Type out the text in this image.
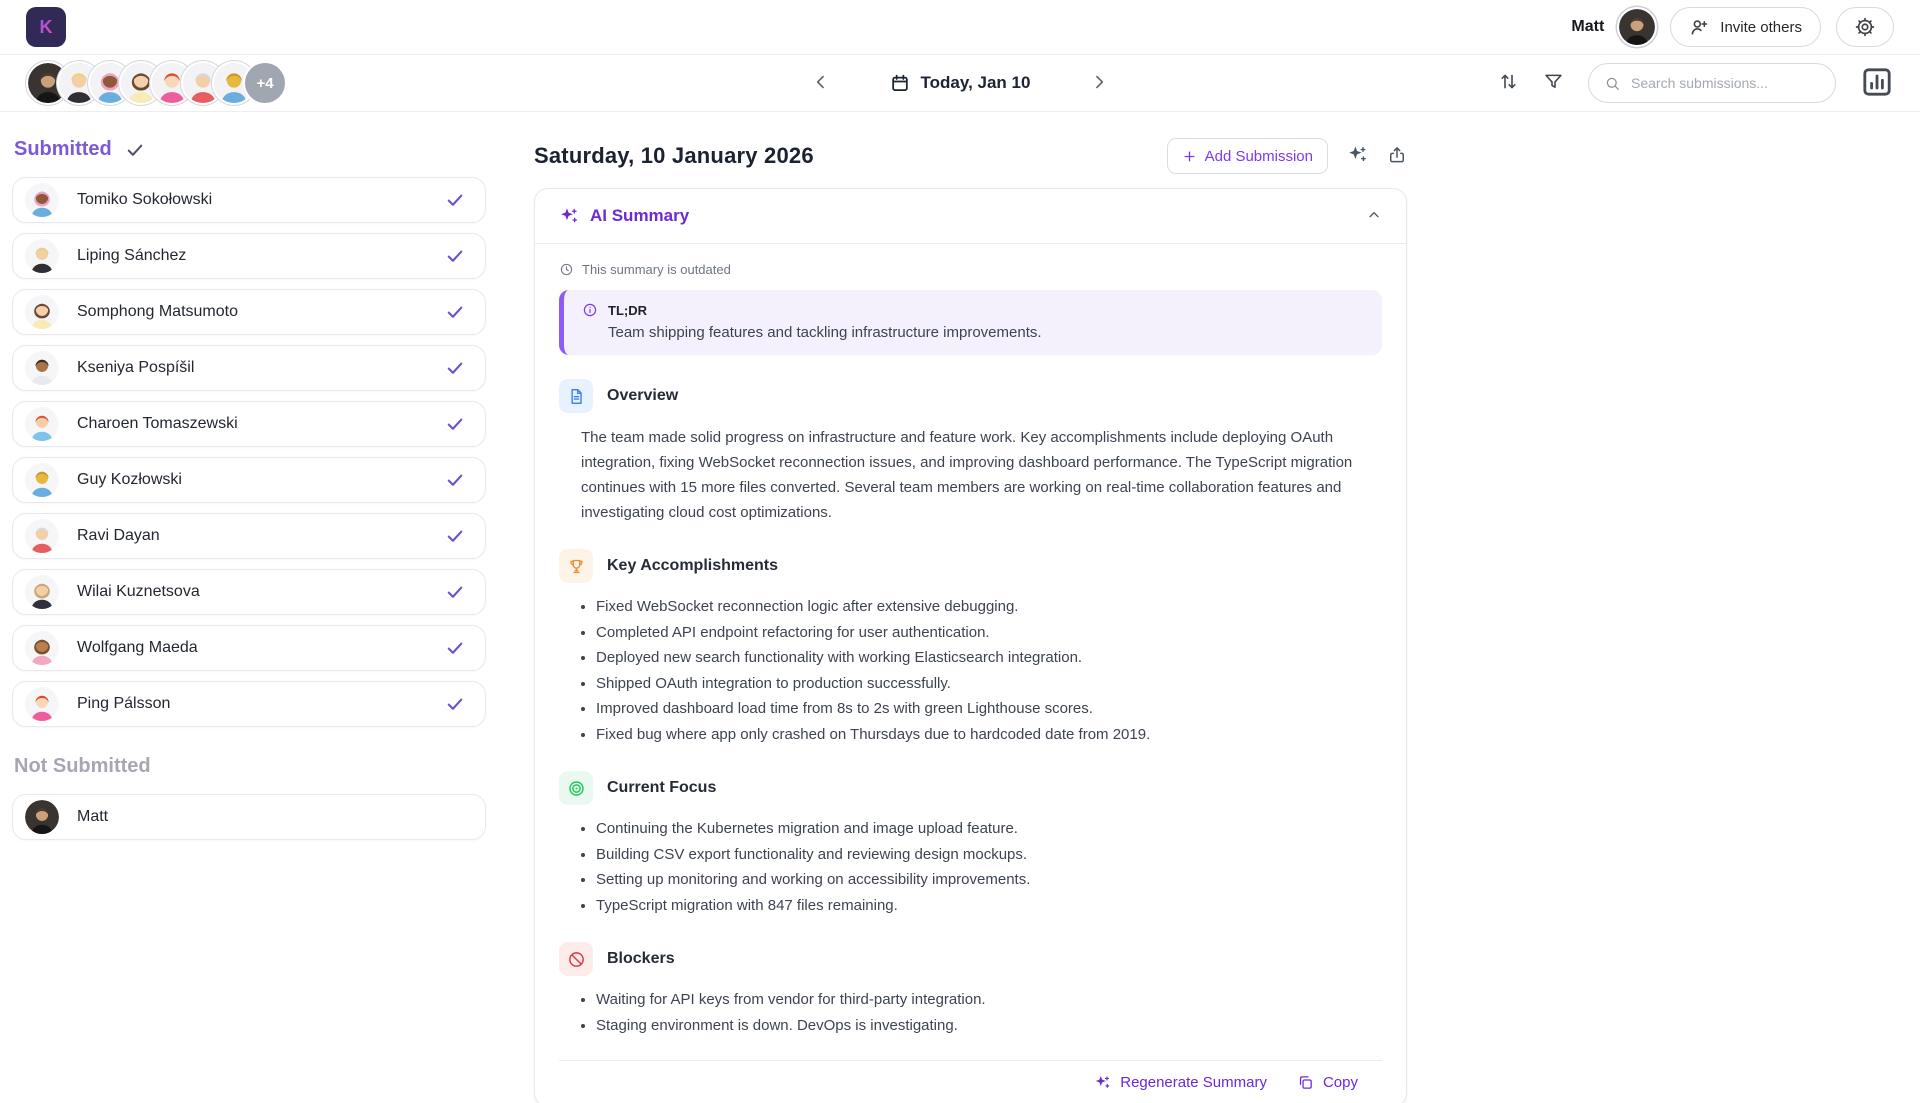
K	Matt	Invite others
+4	Today, Jan 10
Search submissions...
Submitted
Tomiko Sokołowski
Liping Sánchez
Somphong Matsumoto
Kseniya Pospíšil
Charoen Tomaszewski
Guy Kozłowski
Ravi Dayan
Wilai Kuznetsova
Wolfgang Maeda
Ping Pálsson
Not Submitted
Matt
Saturday, 10 January 2026	Add Submission
AI Summary
This summary is outdated
TL;DR

Team shipping features and tackling infrastructure improvements.

Overview

The team made solid progress on infrastructure and feature work. Key accomplishments include deploying OAuth integration, fixing WebSocket reconnection issues, and improving dashboard performance. The TypeScript migration continues with 15 more files converted. Several team members are working on real-time collaboration features and investigating cloud cost optimizations.

Key Accomplishments
• Fixed WebSocket reconnection logic after extensive debugging.
• Completed API endpoint refactoring for user authentication.
• Deployed new search functionality with working Elasticsearch integration.
• Shipped OAuth integration to production successfully.
• Improved dashboard load time from 8s to 2s with green Lighthouse scores.
• Fixed bug where app only crashed on Thursdays due to hardcoded date from 2019.
Current Focus
• Continuing the Kubernetes migration and image upload feature.
• Building CSV export functionality and reviewing design mockups.
• Setting up monitoring and working on accessibility improvements.
• TypeScript migration with 847 files remaining.
Blockers
• Waiting for API keys from vendor for third-party integration.
• Staging environment is down. DevOps is investigating.
Regenerate Summary	Copy
